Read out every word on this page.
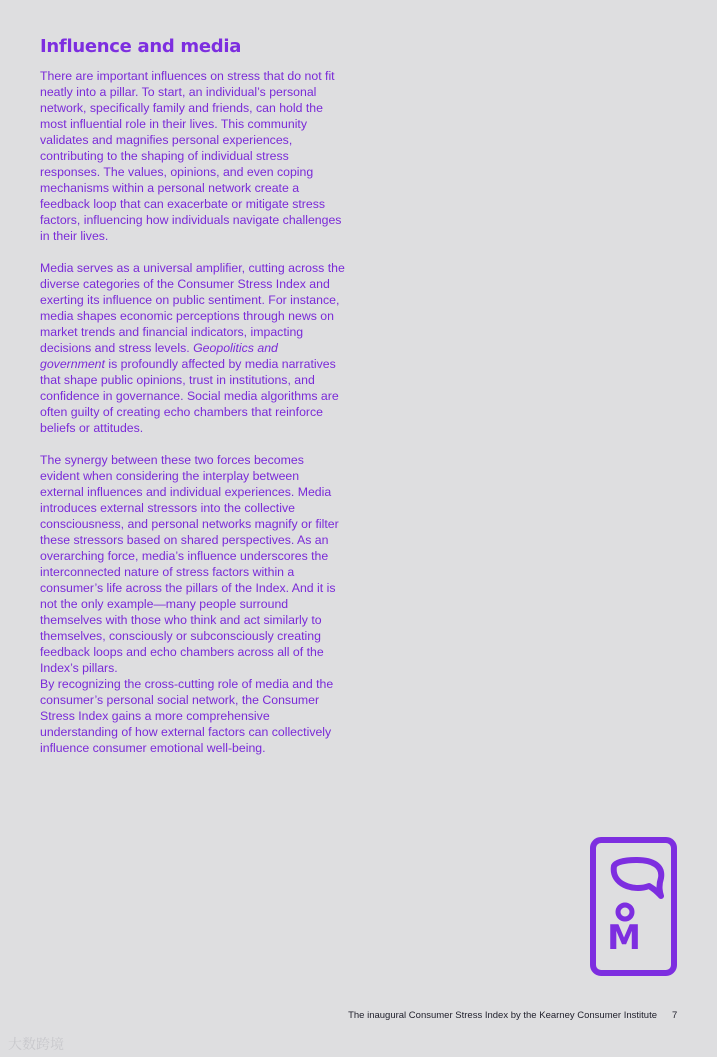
Influence and media

There are important influences on stress that do not fit neatly into a pillar. To start, an individual’s personal network, specifically family and friends, can hold the most influential role in their lives. This community validates and magnifies personal experiences, contributing to the shaping of individual stress responses. The values, opinions, and even coping mechanisms within a personal network create a feedback loop that can exacerbate or mitigate stress factors, influencing how individuals navigate challenges in their lives.

Media serves as a universal amplifier, cutting across the diverse categories of the Consumer Stress Index and exerting its influence on public sentiment. For instance, media shapes economic perceptions through news on market trends and financial indicators, impacting decisions and stress levels. Geopolitics and government is profoundly affected by media narratives that shape public opinions, trust in institutions, and confidence in governance. Social media algorithms are often guilty of creating echo chambers that reinforce beliefs or attitudes.

The synergy between these two forces becomes evident when considering the interplay between external influences and individual experiences. Media introduces external stressors into the collective consciousness, and personal networks magnify or filter these stressors based on shared perspectives. As an overarching force, media’s influence underscores the interconnected nature of stress factors within a consumer’s life across the pillars of the Index. And it is not the only example—many people surround themselves with those who think and act similarly to themselves, consciously or subconsciously creating feedback loops and echo chambers across all of the Index’s pillars.

By recognizing the cross-cutting role of media and the consumer’s personal social network, the Consumer Stress Index gains a more comprehensive understanding of how external factors can collectively influence consumer emotional well-being.

M
The inaugural Consumer Stress Index by the Kearney Consumer Institute 7
大数跨境
